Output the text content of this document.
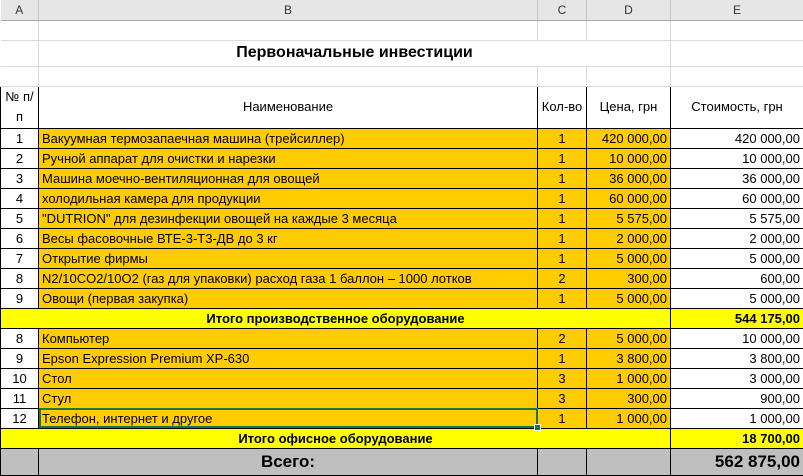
A	B	C	D	E

	Первоначальные инвестиции			

№ п/п	Наименование	Кол-во	Цена, грн	Стоимость, грн
1	Вакуумная термозапаечная машина (трейсиллер)	1	420 000,00	420 000,00
2	Ручной аппарат для очистки и нарезки	1	10 000,00	10 000,00
3	Машина моечно-вентиляционная для овощей	1	36 000,00	36 000,00
4	холодильная камера для продукции	1	60 000,00	60 000,00
5	"DUTRION" для дезинфекции овощей на каждые 3 месяца	1	5 575,00	5 575,00
6	Весы фасовочные ВТЕ-3-Т3-ДВ до 3 кг	1	2 000,00	2 000,00
7	Открытие фирмы	1	5 000,00	5 000,00
8	N2/10CO2/10O2 (газ для упаковки) расход газа 1 баллон – 1000 лотков	2	300,00	600,00
9	Овощи (первая закупка)	1	5 000,00	5 000,00
Итого производственное оборудование				544 175,00
8	Компьютер	2	5 000,00	10 000,00
9	Epson Expression Premium XP-630	1	3 800,00	3 800,00
10	Стол	3	1 000,00	3 000,00
11	Стул	3	300,00	900,00
12	Телефон, интернет и другое	1	1 000,00	1 000,00
Итого офисное оборудование				18 700,00
	Всего:			562 875,00
